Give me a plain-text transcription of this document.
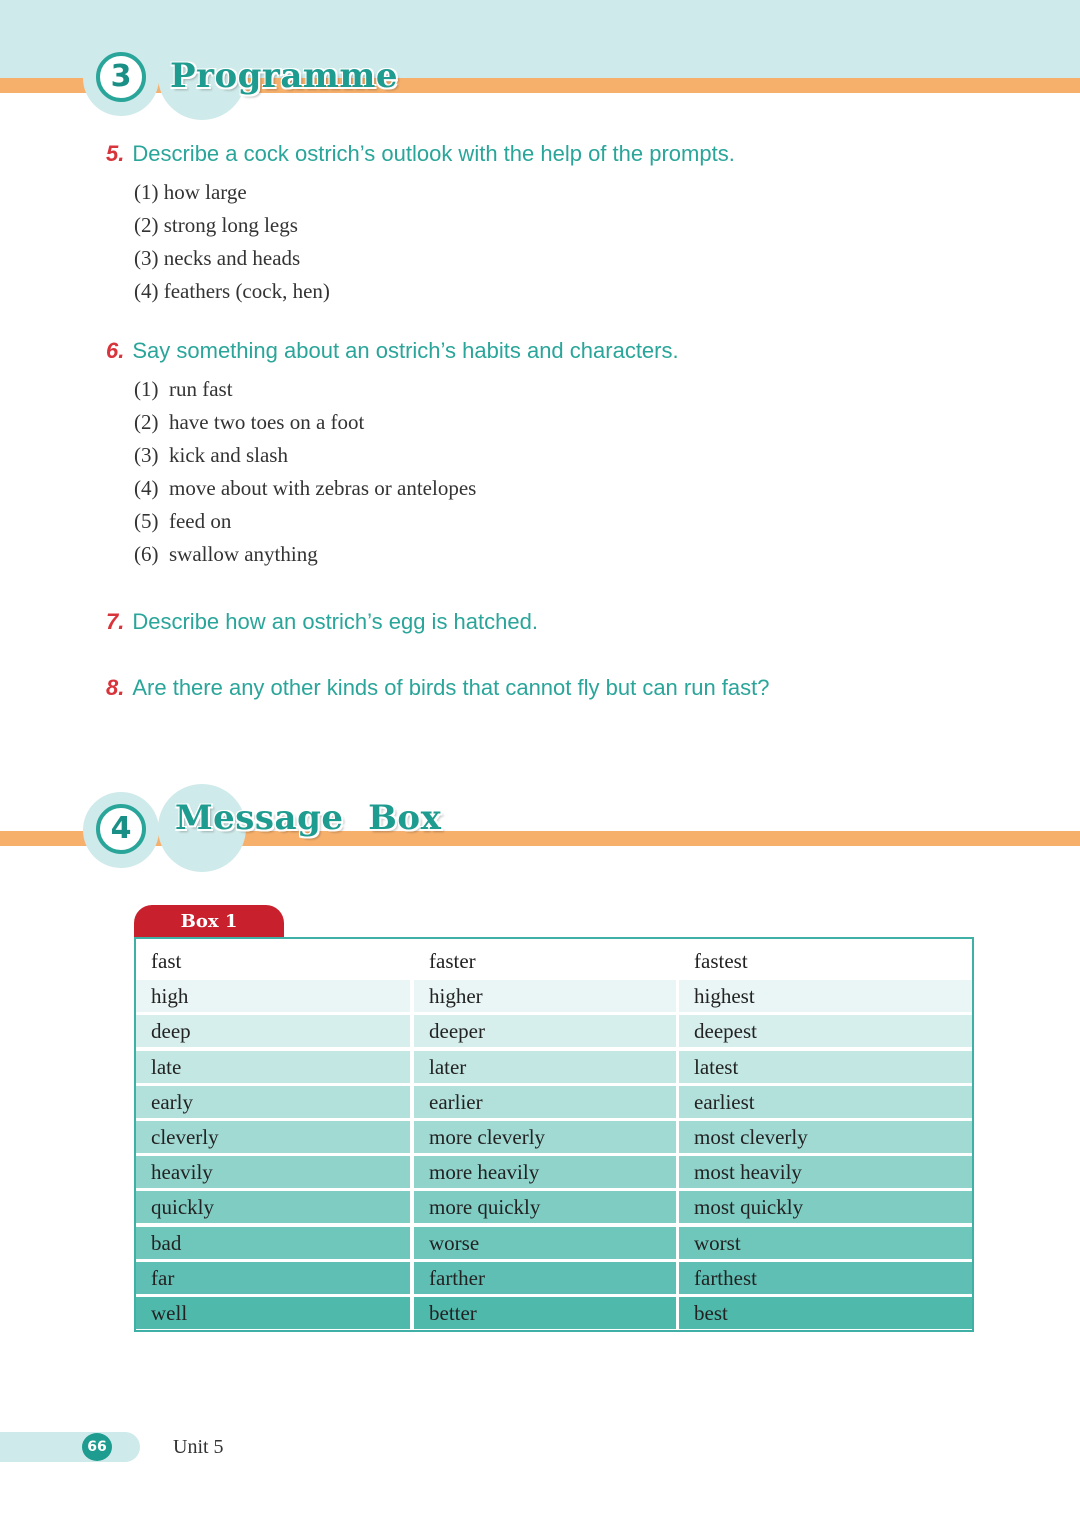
3	Programme
5. Describe a cock ostrich’s outlook with the help of the prompts.
(1) how large
(2) strong long legs
(3) necks and heads
(4) feathers (cock, hen)
6. Say something about an ostrich’s habits and characters.
(1)  run fast
(2)  have two toes on a foot
(3)  kick and slash
(4)  move about with zebras or antelopes
(5)  feed on
(6)  swallow anything
7. Describe how an ostrich’s egg is hatched.
8. Are there any other kinds of birds that cannot fly but can run fast?
4	Message  Box
Box 1
fast	faster	fastest
high	higher	highest
deep	deeper	deepest
late	later	latest
early	earlier	earliest
cleverly	more cleverly	most cleverly
heavily	more heavily	most heavily
quickly	more quickly	most quickly
bad	worse	worst
far	farther	farthest
well	better	best
66	Unit 5
